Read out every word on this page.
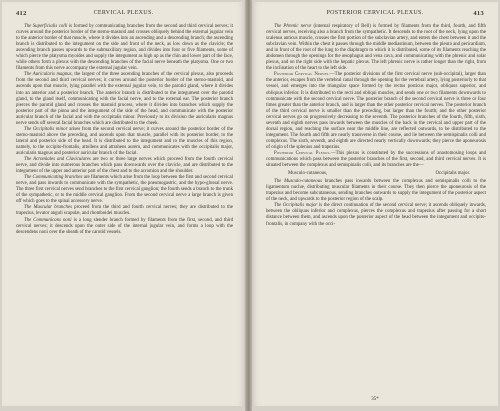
412	CERVICAL PLEXUS.

The Superficialis colli is formed by communicating branches from the second and third cervical nerves; it curves around the posterior border of the sterno-mastoid and crosses obliquely behind the external jugular vein to the anterior border of that muscle, where it divides into an ascending and a descending branch; the ascending branch is distributed to the integument on the side and front of the neck, as low down as the clavicle; the ascending branch passes upwards to the submaxillary region, and divides into four or five filaments, some of which pierce the platysma myoides and supply the integument as high up as the chin and lower part of the face, while others form a plexus with the descending branches of the facial nerve beneath the platysma. One or two filaments from this nerve accompany the external jugular vein.

The Auricularis magnus, the largest of the three ascending branches of the cervical plexus, also proceeds from the second and third cervical nerves; it curves around the posterior border of the sterno-mastoid, and ascends upon that muscle, lying parallel with the external jugular vein, to the parotid gland, where it divides into an anterior and a posterior branch. The anterior branch is distributed to the integument over the parotid gland, to the gland itself, communicating with the facial nerve, and to the external ear. The posterior branch pierces the parotid gland and crosses the mastoid process, where it divides into branches which supply the posterior part of the pinna and the integument of the side of the head, and communicate with the posterior auricular branch of the facial and with the occipitalis minor. Previously to its division the auricularis magnus nerve sends off several facial branches which are distributed to the cheek.

The Occipitalis minor arises from the second cervical nerve; it curves around the posterior border of the sterno-mastoid above the preceding, and ascends upon that muscle, parallel with its posterior border, to the lateral and posterior side of the head. It is distributed to the integument and to the muscles of this region, namely, to the occipito-frontalis, attollens and attrahens aurem, and communicates with the occipitalis major, auricularis magnus and posterior auricular branch of the facial.

The Acromiales and Claviculares are two or three large nerves which proceed from the fourth cervical nerve, and divide into numerous branches which pass downwards over the clavicle, and are distributed to the integument of the upper and anterior part of the chest and to the acromion and the shoulder.

The Communicating branches are filaments which arise from the loop between the first and second cervical nerve, and pass inwards to communicate with the sympathetic, the pneumogastric, and the hypo-glossal nerve. The three first cervical nerves send branches to the first cervical ganglion; the fourth sends a branch to the trunk of the sympathetic, or to the middle cervical ganglion. From the second cervical nerve a large branch is given off which goes to the spinal accessory nerve.

The Muscular branches proceed from the third and fourth cervical nerves; they are distributed to the trapezius, levator anguli scapulæ, and rhomboidei muscles.

The Communicans noni is a long slender branch formed by filaments from the first, second, and third cervical nerves; it descends upon the outer side of the internal jugular vein, and forms a loop with the descendens noni over the sheath of the carotid vessels.

POSTERIOR CERVICAL PLEXUS.	413

The Phrenic nerve (internal respiratory of Bell) is formed by filaments from the third, fourth, and fifth cervical nerves, receiving also a branch from the sympathetic. It descends to the root of the neck, lying upon the scalenus anticus muscle, crosses the first portion of the subclavian artery, and enters the chest between it and the subclavian vein. Within the chest it passes through the middle mediastinum, between the pleura and pericardium, and in front of the root of the lung to the diaphragm to which it is distributed, some of its filaments reaching the abdomen through the openings for the œsophagus and vena cava, and communicating with the phrenic and solar plexus, and on the right side with the hepatic plexus. The left phrenic nerve is rather longer than the right, from the inclination of the heart to the left side.

Posterior Cervical Nerves.—The posterior divisions of the first cervical nerve (sub-occipital), larger than the anterior, escapes from the vertebral canal through the opening for the vertebral artery, lying posteriorly to that vessel, and emerges into the triangular space formed by the rectus posticus major, obliquus superior, and obliquus inferior. It is distributed to the recti and obliqui muscles, and sends one or two filaments downwards to communicate with the second cervical nerve. The posterior branch of the second cervical nerve is three or four times greater than the anterior branch, and is larger than the other posterior cervical nerves. The posterior branch of the third cervical nerve is smaller than the preceding, but larger than the fourth; and the other posterior cervical nerves go on progressively decreasing to the seventh. The posterior branches of the fourth, fifth, sixth, seventh and eighth nerves pass inwards between the muscles of the back in the cervical and upper part of the dorsal region, and reaching the surface near the middle line, are reflected outwards, to be distributed to the integument. The fourth and fifth are nearly transverse in their course, and lie between the semispinalis colli and complexus. The sixth, seventh, and eighth are directed nearly vertically downwards; they pierce the aponeurosis of origin of the splenius and trapezius.

Posterior Cervical Plexus.—This plexus is constituted by the successions of anastomosing loops and communications which pass between the posterior branches of the first, second, and third cervical nerves. It is situated between the complexus and semispinalis colli, and its branches are the—

Musculo-cutaneous,	Occipitalis major.

The Musculo-cutaneous branches pass inwards between the complexus and semispinalis colli to the ligamentum nuchæ, distributing muscular filaments in their course. They then pierce the aponeurosis of the trapezius and become subcutaneous, sending branches outwards to supply the integument of the posterior aspect of the neck, and upwards to the posterior region of the scalp.

The Occipitalis major is the direct continuation of the second cervical nerve; it ascends obliquely inwards, between the obliquus inferior and complexus, pierces the complexus and trapezius after passing for a short distance between them, and ascends upon the posterior aspect of the head between the integument and occipito-frontalis, in company with the occi-

35*
